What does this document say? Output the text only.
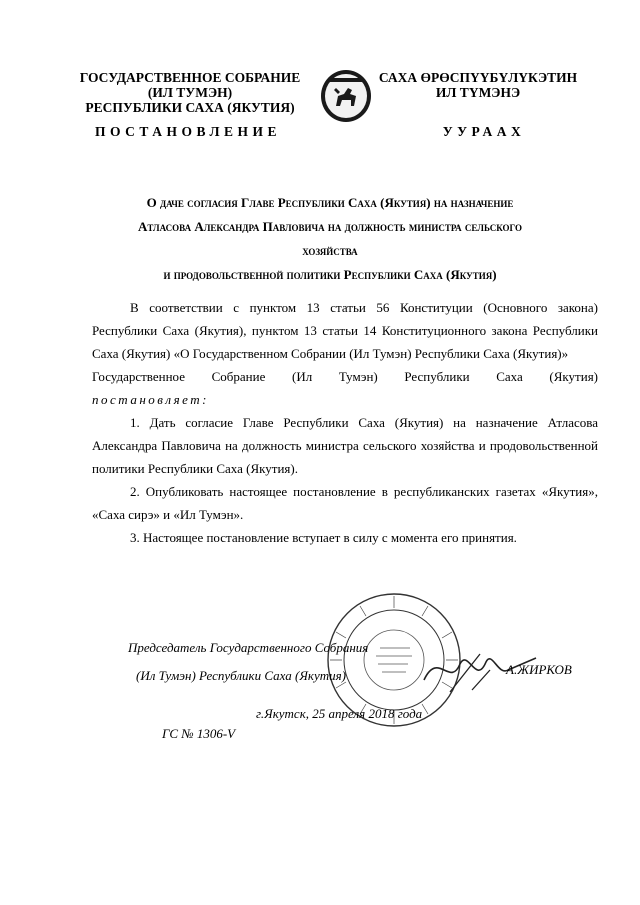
ГОСУДАРСТВЕННОЕ СОБРАНИЕ
(ИЛ ТУМЭН)
РЕСПУБЛИКИ САХА (ЯКУТИЯ)
САХА ӨРӨСПҮҮБҮЛҮКЭТИН
ИЛ ТҮМЭНЭ
ПОСТАНОВЛЕНИЕ	УУРААХ
О даче согласия Главе Республики Саха (Якутия) на назначение
Атласова Александра Павловича на должность министра сельского хозяйства
и продовольственной политики Республики Саха (Якутия)

В соответствии с пунктом 13 статьи 56 Конституции (Основного закона) Республики Саха (Якутия), пунктом 13 статьи 14 Конституционного закона Республики Саха (Якутия) «О Государственном Собрании (Ил Тумэн) Республики Саха (Якутия)»

Государственное Собрание (Ил Тумэн) Республики Саха (Якутия)

постановляет:

1. Дать согласие Главе Республики Саха (Якутия) на назначение Атласова Александра Павловича на должность министра сельского хозяйства и продовольственной политики Республики Саха (Якутия).

2. Опубликовать настоящее постановление в республиканских газетах «Якутия», «Саха сирэ» и «Ил Тумэн».

3. Настоящее постановление вступает в силу с момента его принятия.

Председатель Государственного Собрания
(Ил Тумэн) Республики Саха (Якутия)	А.ЖИРКОВ
г.Якутск, 25 апреля 2018 года
ГС № 1306-V
